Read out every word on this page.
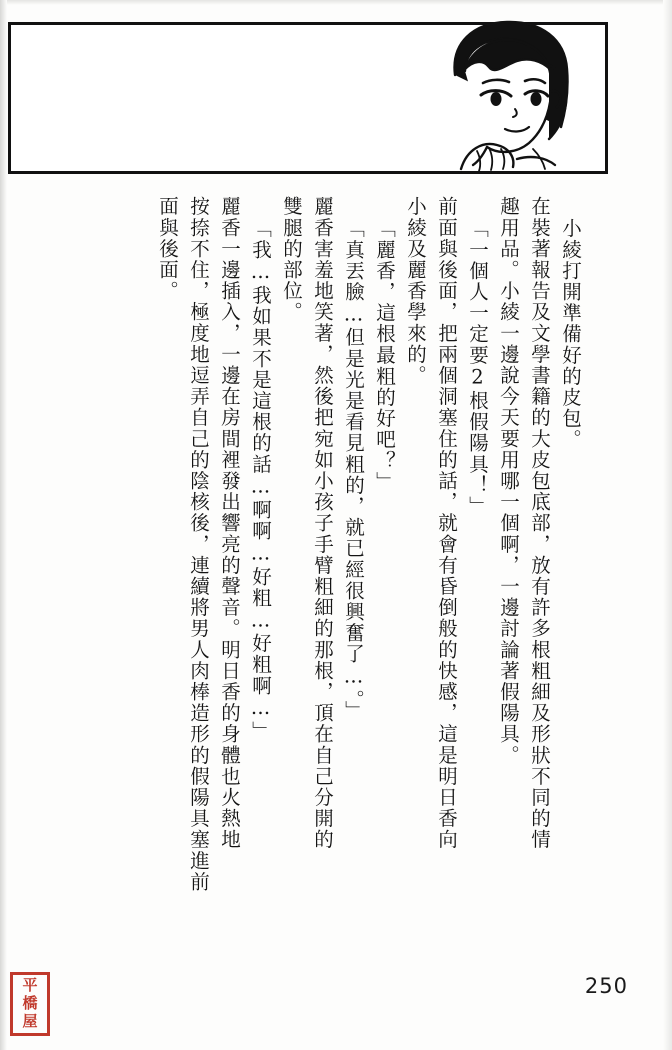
小綾打開準備好的皮包。
在裝著報告及文學書籍的大皮包底部，放有許多根粗細及形狀不同的情
趣用品。小綾一邊說今天要用哪一個啊，一邊討論著假陽具。
「一個人一定要2根假陽具！」
前面與後面，把兩個洞塞住的話，就會有昏倒般的快感，這是明日香向
小綾及麗香學來的。
「麗香，這根最粗的好吧？」
「真丟臉…但是光是看見粗的，就已經很興奮了…。」
麗香害羞地笑著，然後把宛如小孩子手臂粗細的那根，頂在自己分開的
雙腿的部位。
「我…我如果不是這根的話…啊啊…好粗…好粗啊…」
麗香一邊插入，一邊在房間裡發出響亮的聲音。明日香的身體也火熱地
按捺不住，極度地逗弄自己的陰核後，連續將男人肉棒造形的假陽具塞進前
面與後面。
250
平
橋
屋
